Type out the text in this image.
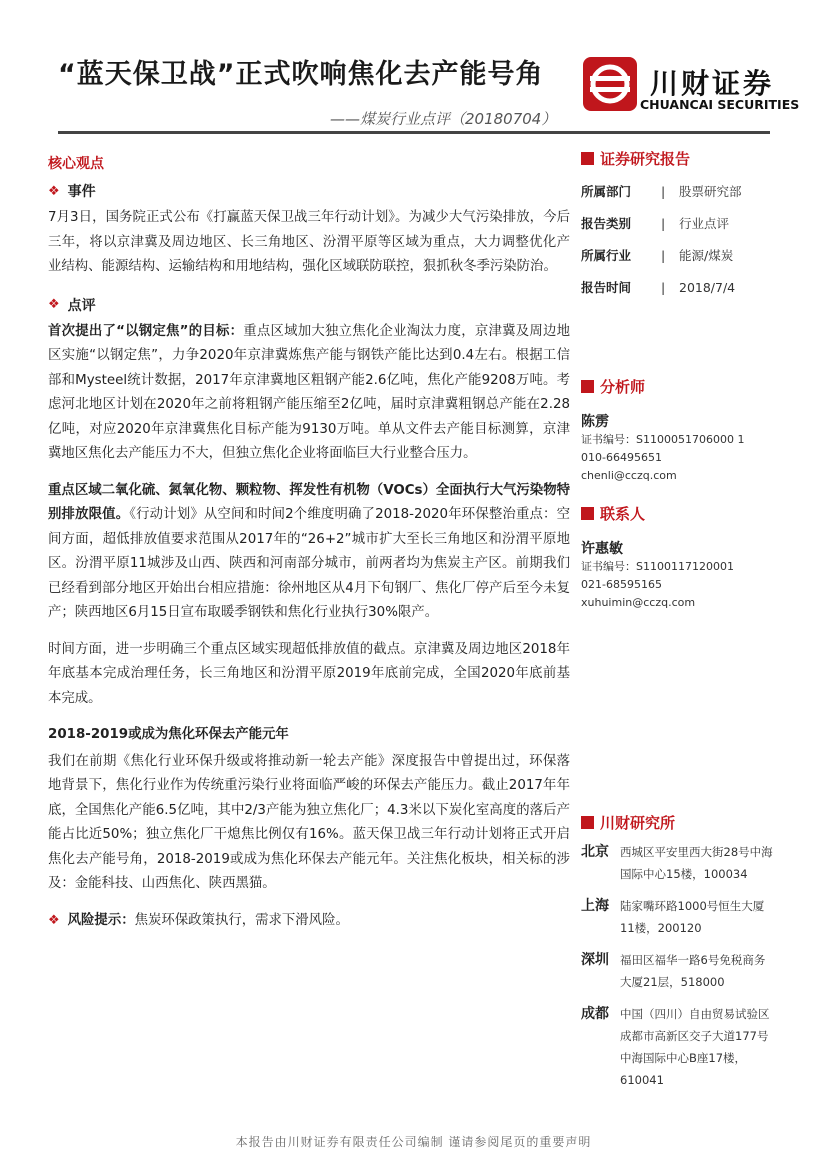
“蓝天保卫战”正式吹响焦化去产能号角
——煤炭行业点评（20180704）
川财证券
CHUANCAI SECURITIES
核心观点
❖ 事件
7月3日，国务院正式公布《打赢蓝天保卫战三年行动计划》。为减少大气污染排放，今后三年，将以京津冀及周边地区、长三角地区、汾渭平原等区域为重点，大力调整优化产业结构、能源结构、运输结构和用地结构，强化区域联防联控，狠抓秋冬季污染防治。
❖ 点评
首次提出了“以钢定焦”的目标：重点区域加大独立焦化企业淘汰力度，京津冀及周边地区实施“以钢定焦”，力争2020年京津冀炼焦产能与钢铁产能比达到0.4左右。根据工信部和Mysteel统计数据，2017年京津冀地区粗钢产能2.6亿吨，焦化产能9208万吨。考虑河北地区计划在2020年之前将粗钢产能压缩至2亿吨，届时京津冀粗钢总产能在2.28亿吨，对应2020年京津冀焦化目标产能为9130万吨。单从文件去产能目标测算，京津冀地区焦化去产能压力不大，但独立焦化企业将面临巨大行业整合压力。
重点区域二氧化硫、氮氧化物、颗粒物、挥发性有机物（VOCs）全面执行大气污染物特别排放限值。《行动计划》从空间和时间2个维度明确了2018-2020年环保整治重点：空间方面，超低排放值要求范围从2017年的“26+2”城市扩大至长三角地区和汾渭平原地区。汾渭平原11城涉及山西、陕西和河南部分城市，前两者均为焦炭主产区。前期我们已经看到部分地区开始出台相应措施：徐州地区从4月下旬钢厂、焦化厂停产后至今未复产；陕西地区6月15日宣布取暖季钢铁和焦化行业执行30%限产。
时间方面，进一步明确三个重点区域实现超低排放值的截点。京津冀及周边地区2018年年底基本完成治理任务，长三角地区和汾渭平原2019年底前完成，全国2020年底前基本完成。
2018-2019或成为焦化环保去产能元年
我们在前期《焦化行业环保升级或将推动新一轮去产能》深度报告中曾提出过，环保落地背景下，焦化行业作为传统重污染行业将面临严峻的环保去产能压力。截止2017年年底，全国焦化产能6.5亿吨，其中2/3产能为独立焦化厂；4.3米以下炭化室高度的落后产能占比近50%；独立焦化厂干熄焦比例仅有16%。蓝天保卫战三年行动计划将正式开启焦化去产能号角，2018-2019或成为焦化环保去产能元年。关注焦化板块，相关标的涉及：金能科技、山西焦化、陕西黑猫。
❖ 风险提示：焦炭环保政策执行，需求下滑风险。
证券研究报告
所属部门	|	股票研究部
报告类别	|	行业点评
所属行业	|	能源/煤炭
报告时间	|	2018/7/4
分析师
陈雳
证书编号：S1100051706000 1
010-66495651
chenli@cczq.com
联系人
许惠敏
证书编号：S1100117120001
021-68595165
xuhuimin@cczq.com
川财研究所
北京 西城区平安里西大街28号中海国际中心15楼，100034
上海 陆家嘴环路1000号恒生大厦11楼，200120
深圳 福田区福华一路6号免税商务大厦21层，518000
成都 中国（四川）自由贸易试验区成都市高新区交子大道177号中海国际中心B座17楼，610041
本报告由川财证券有限责任公司编制 谨请参阅尾页的重要声明
